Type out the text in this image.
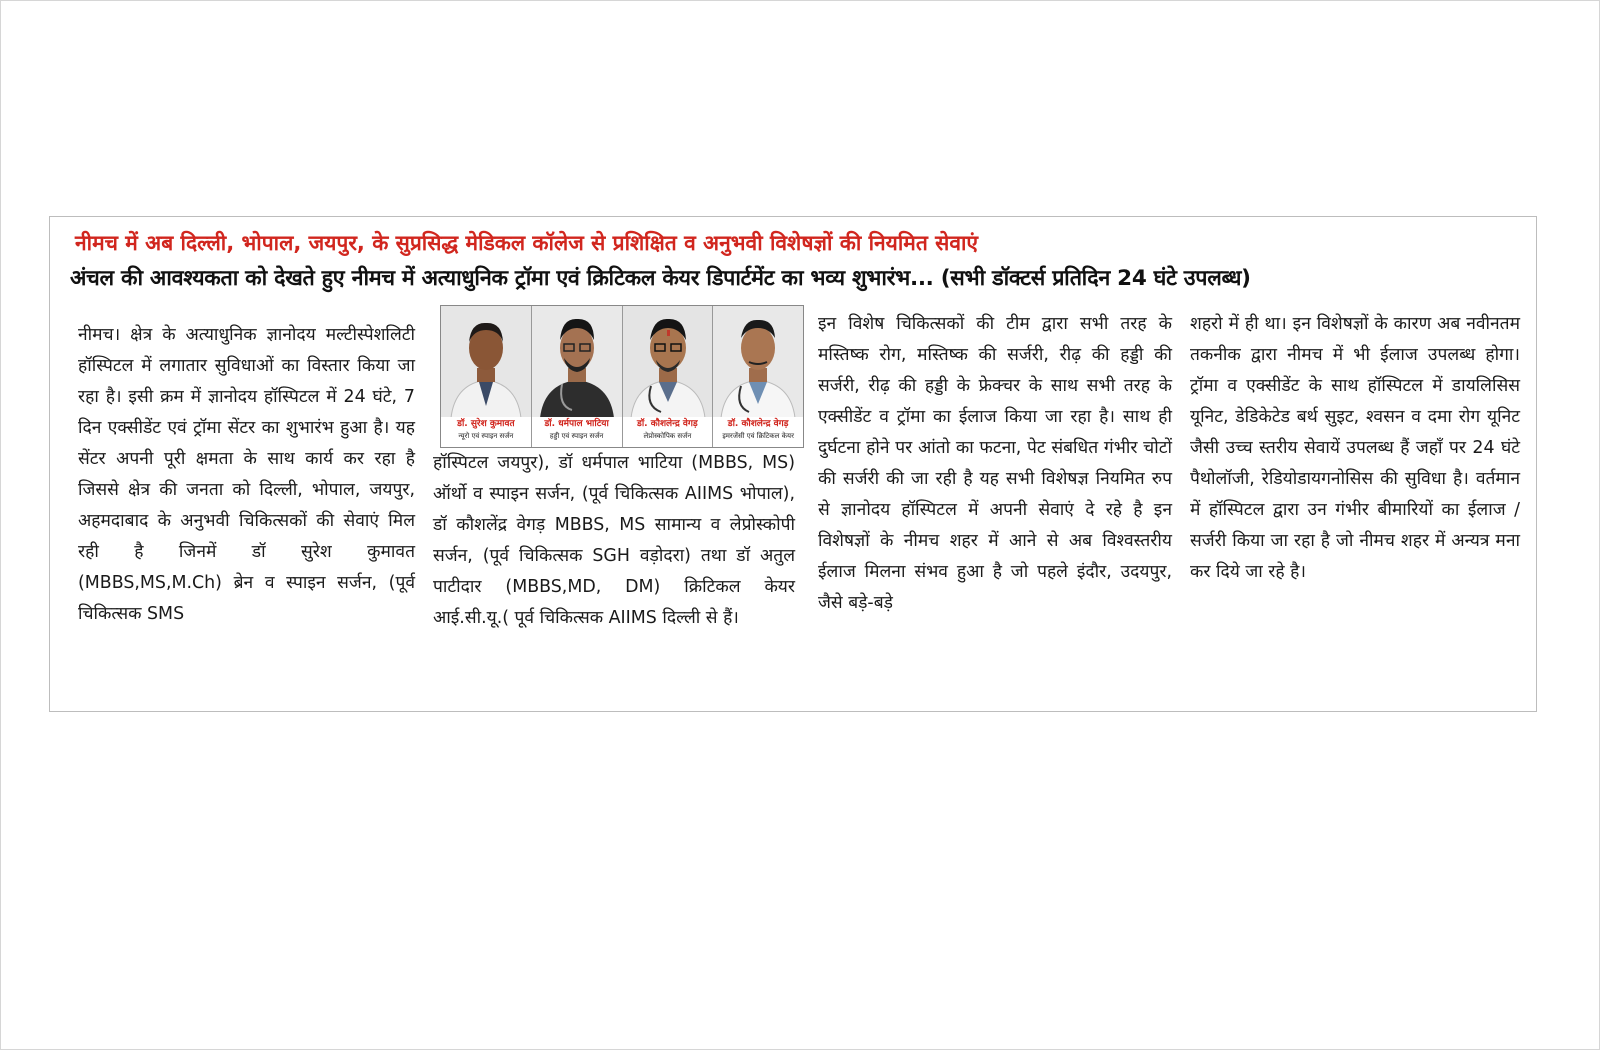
नीमच में अब दिल्ली, भोपाल, जयपुर, के सुप्रसिद्ध मेडिकल कॉलेज से प्रशिक्षित व अनुभवी विशेषज्ञों की नियमित सेवाएं
अंचल की आवश्यकता को देखते हुए नीमच में अत्याधुनिक ट्रॉमा एवं क्रिटिकल केयर डिपार्टमेंट का भव्य शुभारंभ... (सभी डॉक्टर्स प्रतिदिन 24 घंटे उपलब्ध)

नीमच। क्षेत्र के अत्याधुनिक ज्ञानोदय मल्टीस्पेशलिटी हॉस्पिटल में लगातार सुविधाओं का विस्तार किया जा रहा है। इसी क्रम में ज्ञानोदय हॉस्पिटल में 24 घंटे, 7 दिन एक्सीडेंट एवं ट्रॉमा सेंटर का शुभारंभ हुआ है। यह सेंटर अपनी पूरी क्षमता के साथ कार्य कर रहा है जिससे क्षेत्र की जनता को दिल्ली, भोपाल, जयपुर, अहमदाबाद के अनुभवी चिकित्सकों की सेवाएं मिल रही है जिनमें डॉ सुरेश कुमावत (MBBS,MS,M.Ch) ब्रेन व स्पाइन सर्जन, (पूर्व चिकित्सक SMS

डॉ. सुरेश कुमावत
न्यूरो एवं स्पाइन सर्जन
डॉ. धर्मपाल भाटिया
हड्डी एवं स्पाइन सर्जन
डॉ. कौशलेन्द्र वेगड़
लेप्रोस्कोपिक सर्जन
डॉ. कौशलेन्द्र वेगड़
इमरजेंसी एवं क्रिटिकल केयर

हॉस्पिटल जयपुर), डॉ धर्मपाल भाटिया (MBBS, MS) ऑर्थो व स्पाइन सर्जन, (पूर्व चिकित्सक AIIMS भोपाल), डॉ कौशलेंद्र वेगड़ MBBS, MS सामान्य व लेप्रोस्कोपी सर्जन, (पूर्व चिकित्सक SGH वड़ोदरा) तथा डॉ अतुल पाटीदार (MBBS,MD, DM) क्रिटिकल केयर आई.सी.यू.( पूर्व चिकित्सक AIIMS दिल्ली से हैं।

इन विशेष चिकित्सकों की टीम द्वारा सभी तरह के मस्तिष्क रोग, मस्तिष्क की सर्जरी, रीढ़ की हड्डी की सर्जरी, रीढ़ की हड्डी के फ्रेक्चर के साथ सभी तरह के एक्सीडेंट व ट्रॉमा का ईलाज किया जा रहा है। साथ ही दुर्घटना होने पर आंतो का फटना, पेट संबधित गंभीर चोटों की सर्जरी की जा रही है यह सभी विशेषज्ञ नियमित रुप से ज्ञानोदय हॉस्पिटल में अपनी सेवाएं दे रहे है इन विशेषज्ञों के नीमच शहर में आने से अब विश्वस्तरीय ईलाज मिलना संभव हुआ है जो पहले इंदौर, उदयपुर, जैसे बड़े-बड़े

शहरो में ही था। इन विशेषज्ञों के कारण अब नवीनतम तकनीक द्वारा नीमच में भी ईलाज उपलब्ध होगा। ट्रॉमा व एक्सीडेंट के साथ हॉस्पिटल में डायलिसिस यूनिट, डेडिकेटेड बर्थ सुइट, श्वसन व दमा रोग यूनिट जैसी उच्च स्तरीय सेवायें उपलब्ध हैं जहाँ पर 24 घंटे पैथोलॉजी, रेडियोडायगनोसिस की सुविधा है। वर्तमान में हॉस्पिटल द्वारा उन गंभीर बीमारियों का ईलाज / सर्जरी किया जा रहा है जो नीमच शहर में अन्यत्र मना कर दिये जा रहे है।
